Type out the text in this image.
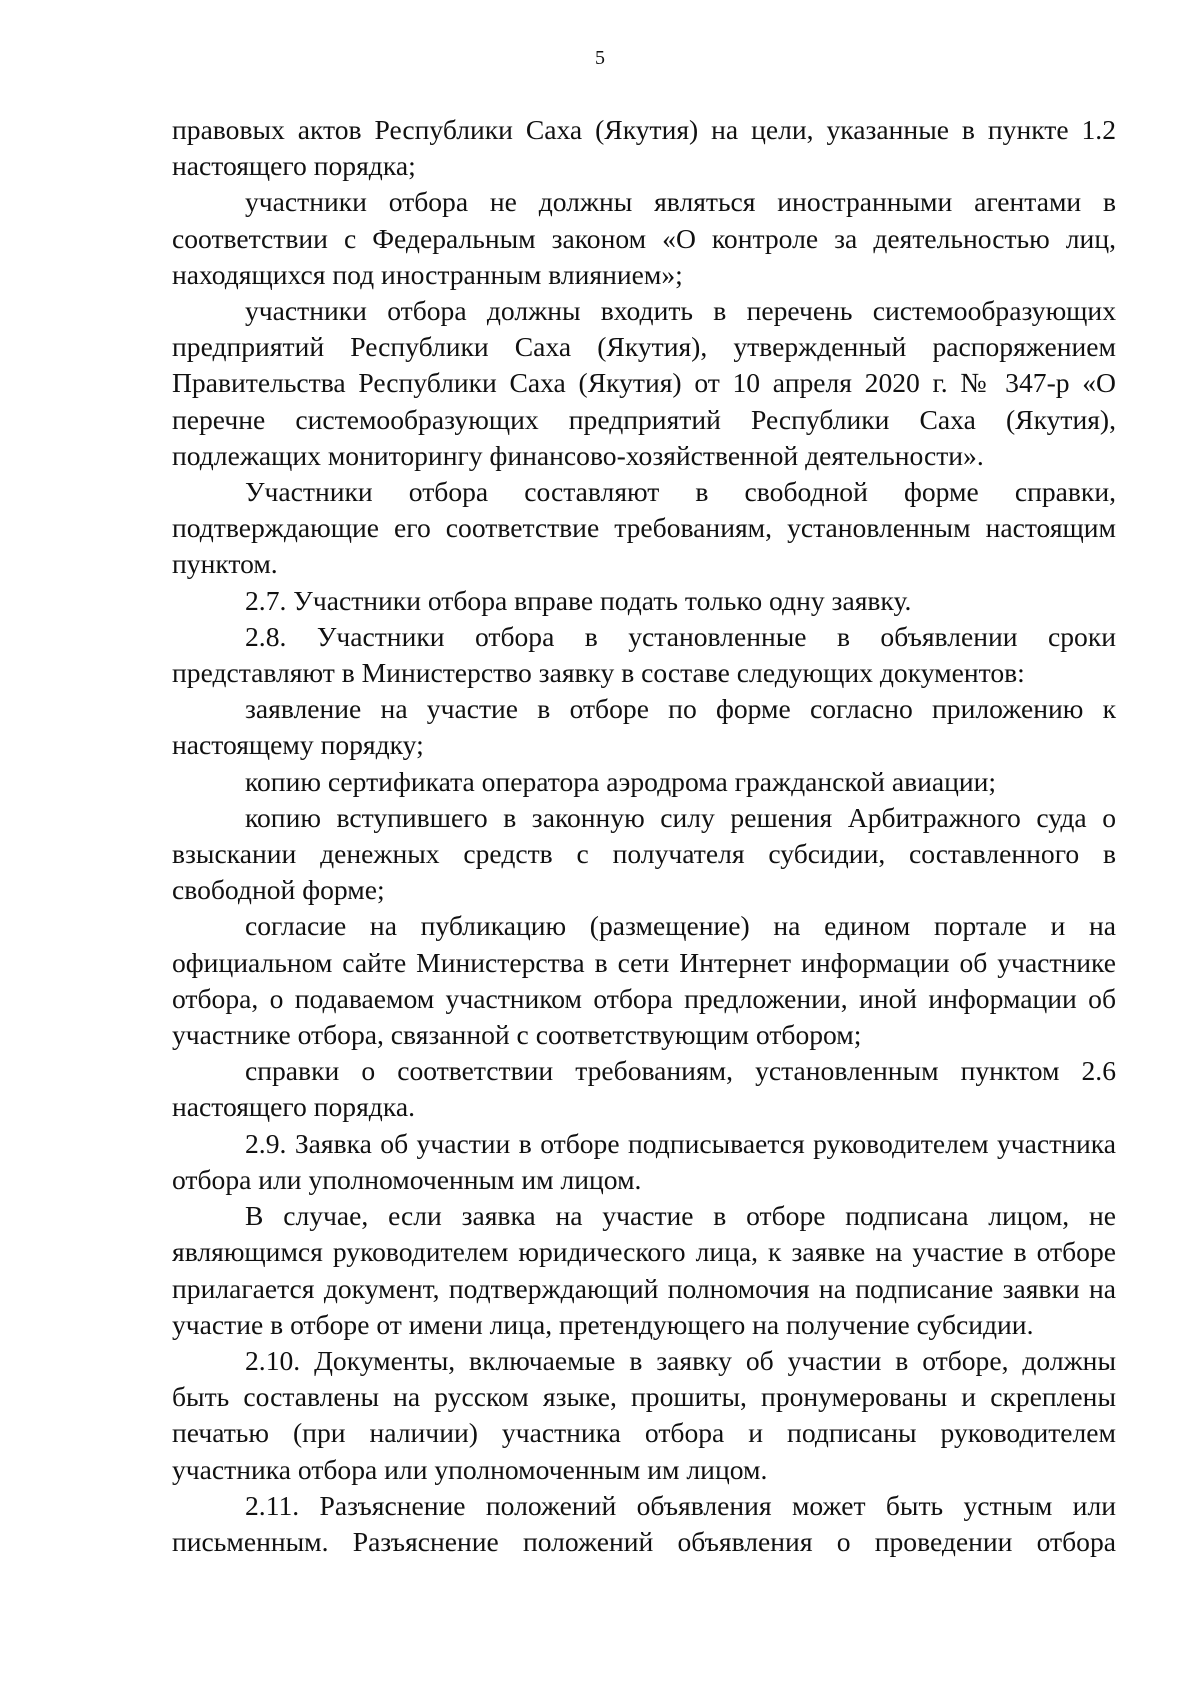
5

правовых актов Республики Саха (Якутия) на цели, указанные в пункте 1.2 настоящего порядка;

участники отбора не должны являться иностранными агентами в соответствии с Федеральным законом «О контроле за деятельностью лиц, находящихся под иностранным влиянием»;

участники отбора должны входить в перечень системообразующих предприятий Республики Саха (Якутия), утвержденный распоряжением Правительства Республики Саха (Якутия) от 10 апреля 2020 г. № 347-р «О перечне системообразующих предприятий Республики Саха (Якутия), подлежащих мониторингу финансово-хозяйственной деятельности».

Участники отбора составляют в свободной форме справки, подтверждающие его соответствие требованиям, установленным настоящим пунктом.

2.7. Участники отбора вправе подать только одну заявку.

2.8. Участники отбора в установленные в объявлении сроки представляют в Министерство заявку в составе следующих документов:

заявление на участие в отборе по форме согласно приложению к настоящему порядку;

копию сертификата оператора аэродрома гражданской авиации;

копию вступившего в законную силу решения Арбитражного суда о взыскании денежных средств с получателя субсидии, составленного в свободной форме;

согласие на публикацию (размещение) на едином портале и на официальном сайте Министерства в сети Интернет информации об участнике отбора, о подаваемом участником отбора предложении, иной информации об участнике отбора, связанной с соответствующим отбором;

справки о соответствии требованиям, установленным пунктом 2.6 настоящего порядка.

2.9. Заявка об участии в отборе подписывается руководителем участника отбора или уполномоченным им лицом.

В случае, если заявка на участие в отборе подписана лицом, не являющимся руководителем юридического лица, к заявке на участие в отборе прилагается документ, подтверждающий полномочия на подписание заявки на участие в отборе от имени лица, претендующего на получение субсидии.

2.10. Документы, включаемые в заявку об участии в отборе, должны быть составлены на русском языке, прошиты, пронумерованы и скреплены печатью (при наличии) участника отбора и подписаны руководителем участника отбора или уполномоченным им лицом.

2.11. Разъяснение положений объявления может быть устным или письменным. Разъяснение положений объявления о проведении отбора
